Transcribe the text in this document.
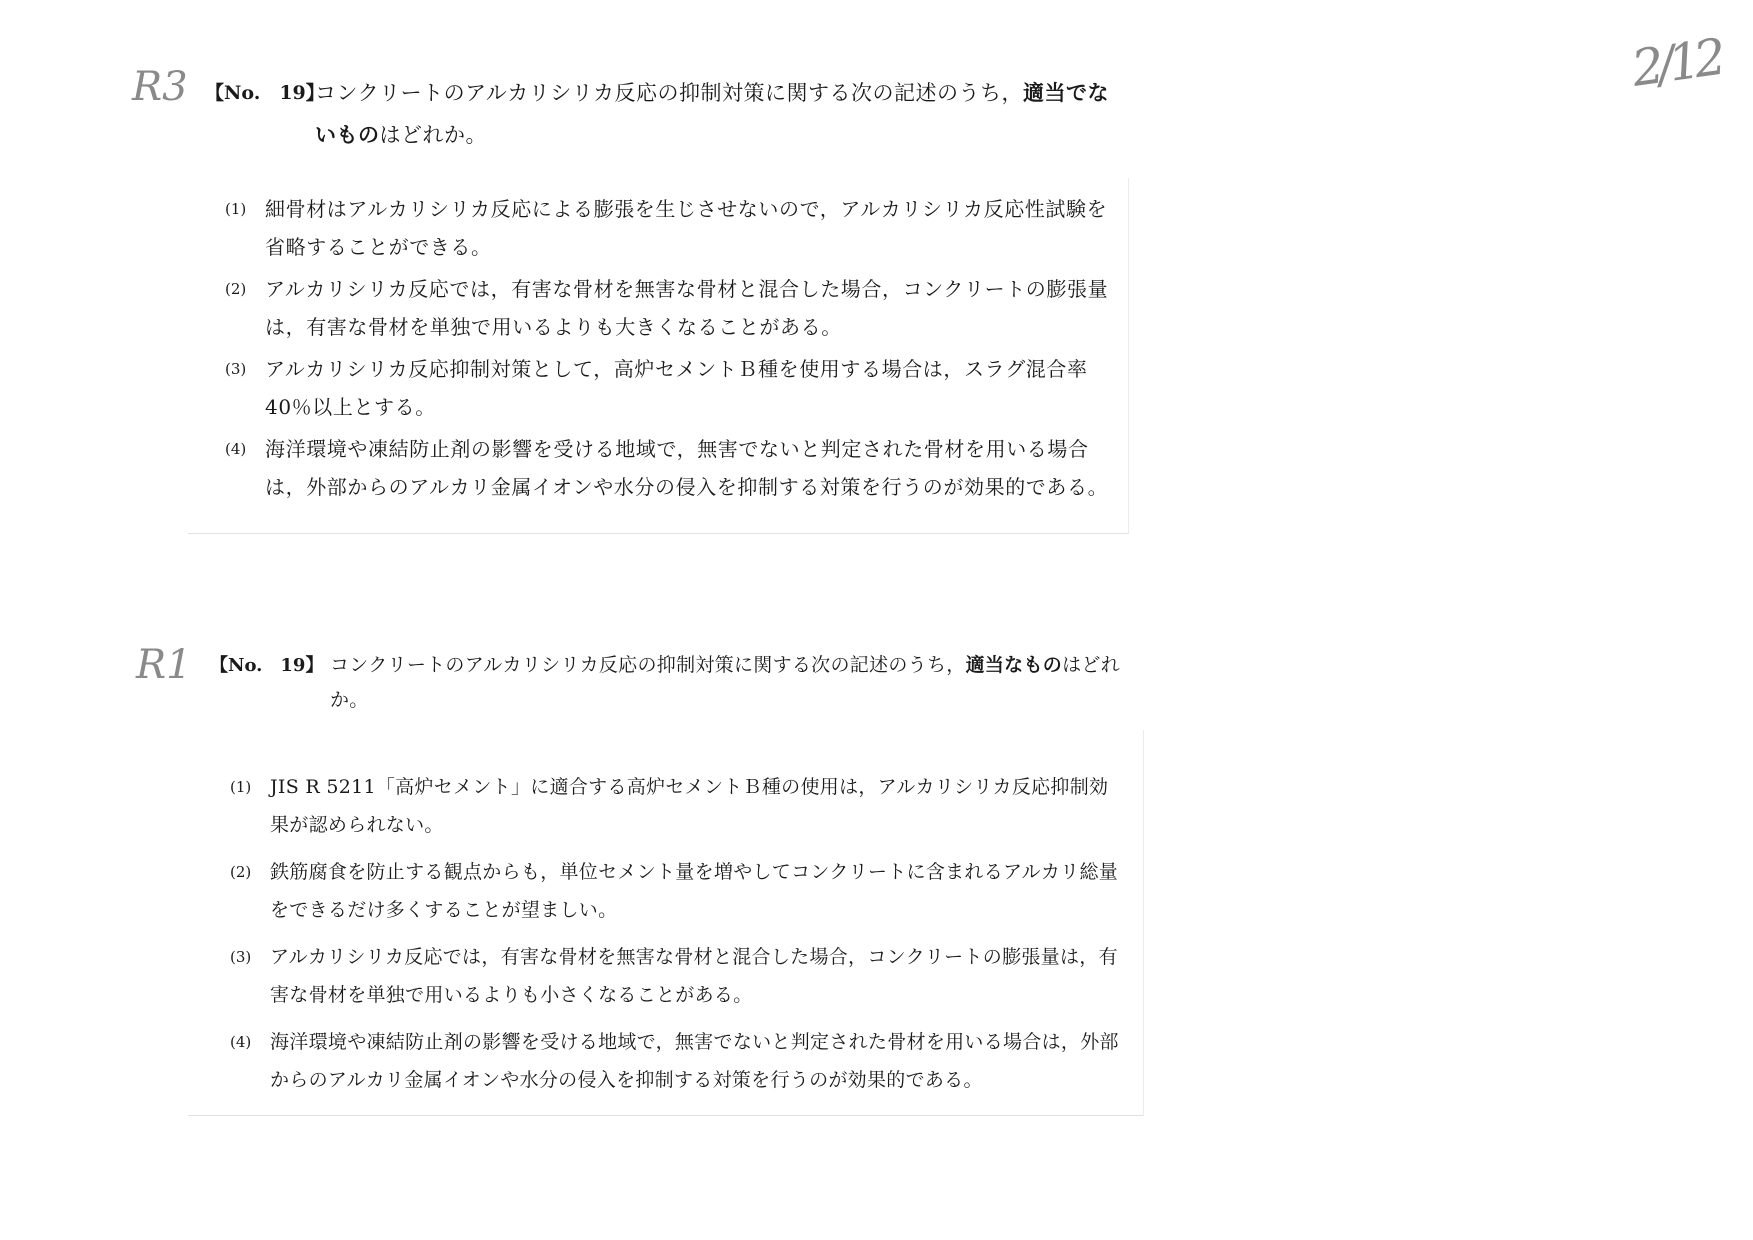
R3
R1
2/12
【No.　19】
コンクリートのアルカリシリカ反応の抑制対策に関する次の記述のうち，適当でないものはどれか。
(1) 細骨材はアルカリシリカ反応による膨張を生じさせないので，アルカリシリカ反応性試験を省略することができる。
(2) アルカリシリカ反応では，有害な骨材を無害な骨材と混合した場合，コンクリートの膨張量は，有害な骨材を単独で用いるよりも大きくなることがある。
(3) アルカリシリカ反応抑制対策として，高炉セメントＢ種を使用する場合は，スラグ混合率40％以上とする。
(4) 海洋環境や凍結防止剤の影響を受ける地域で，無害でないと判定された骨材を用いる場合は，外部からのアルカリ金属イオンや水分の侵入を抑制する対策を行うのが効果的である。
【No.　19】 コンクリートのアルカリシリカ反応の抑制対策に関する次の記述のうち，適当なものはどれか。
(1) JIS R 5211「高炉セメント」に適合する高炉セメントＢ種の使用は，アルカリシリカ反応抑制効果が認められない。
(2) 鉄筋腐食を防止する観点からも，単位セメント量を増やしてコンクリートに含まれるアルカリ総量をできるだけ多くすることが望ましい。
(3) アルカリシリカ反応では，有害な骨材を無害な骨材と混合した場合，コンクリートの膨張量は，有害な骨材を単独で用いるよりも小さくなることがある。
(4) 海洋環境や凍結防止剤の影響を受ける地域で，無害でないと判定された骨材を用いる場合は，外部からのアルカリ金属イオンや水分の侵入を抑制する対策を行うのが効果的である。
